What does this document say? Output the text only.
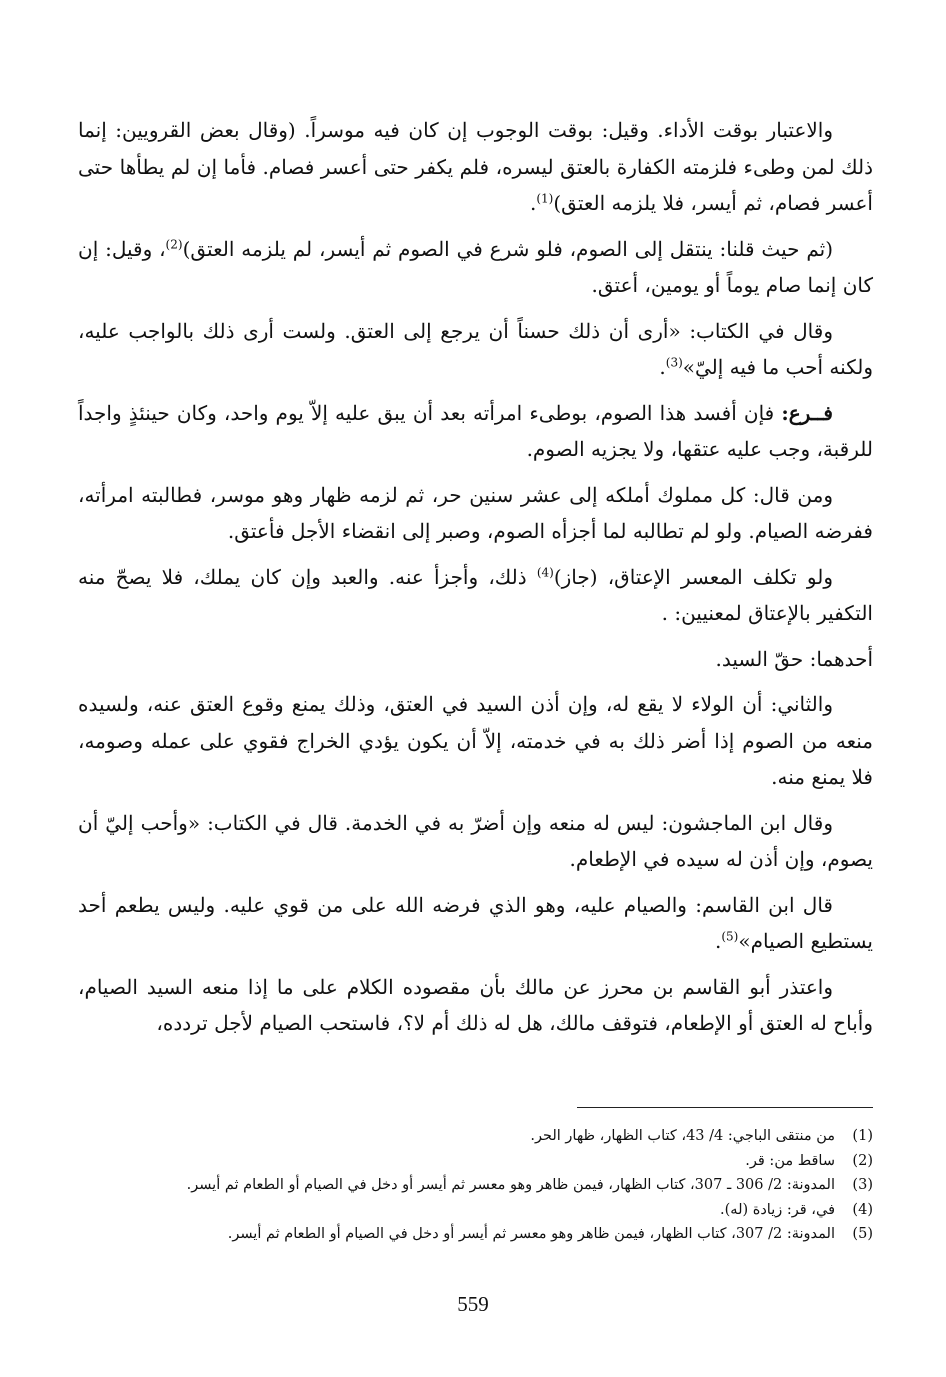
والاعتبار بوقت الأداء. وقيل: بوقت الوجوب إن كان فيه موسراً. (وقال بعض القرويين: إنما ذلك لمن وطىء فلزمته الكفارة بالعتق ليسره، فلم يكفر حتى أعسر فصام. فأما إن لم يطأها حتى أعسر فصام، ثم أيسر، فلا يلزمه العتق)$^{(1)}$.

(ثم حيث قلنا: ينتقل إلى الصوم، فلو شرع في الصوم ثم أيسر، لم يلزمه العتق)$^{(2)}$، وقيل: إن كان إنما صام يوماً أو يومين، أعتق.

وقال في الكتاب: «أرى أن ذلك حسناً أن يرجع إلى العتق. ولست أرى ذلك بالواجب عليه، ولكنه أحب ما فيه إليّ»$^{(3)}$.

فــرع: فإن أفسد هذا الصوم، بوطىء امرأته بعد أن يبق عليه إلاّ يوم واحد، وكان حينئذٍ واجداً للرقبة، وجب عليه عتقها، ولا يجزيه الصوم.

ومن قال: كل مملوك أملكه إلى عشر سنين حر، ثم لزمه ظهار وهو موسر، فطالبته امرأته، ففرضه الصيام. ولو لم تطالبه لما أجزأه الصوم، وصبر إلى انقضاء الأجل فأعتق.

ولو تكلف المعسر الإعتاق، (جاز)$^{(4)}$ ذلك، وأجزأ عنه. والعبد وإن كان يملك، فلا يصحّ منه التكفير بالإعتاق لمعنيين: .

أحدهما: حقّ السيد.

والثاني: أن الولاء لا يقع له، وإن أذن السيد في العتق، وذلك يمنع وقوع العتق عنه، ولسيده منعه من الصوم إذا أضر ذلك به في خدمته، إلاّ أن يكون يؤدي الخراج فقوي على عمله وصومه، فلا يمنع منه.

وقال ابن الماجشون: ليس له منعه وإن أضرّ به في الخدمة. قال في الكتاب: «وأحب إليّ أن يصوم، وإن أذن له سيده في الإطعام.

قال ابن القاسم: والصيام عليه، وهو الذي فرضه الله على من قوي عليه. وليس يطعم أحد يستطيع الصيام»$^{(5)}$.

واعتذر أبو القاسم بن محرز عن مالك بأن مقصوده الكلام على ما إذا منعه السيد الصيام، وأباح له العتق أو الإطعام، فتوقف مالك، هل له ذلك أم لا؟، فاستحب الصيام لأجل تردده،

(1)من منتقى الباجي: 4/ 43، كتاب الظهار، ظهار الحر.
(2)ساقط من: قر.
(3)المدونة: 2/ 306 ـ 307، كتاب الظهار، فيمن ظاهر وهو معسر ثم أيسر أو دخل في الصيام أو الطعام ثم أيسر.
(4)في، قر: زيادة (له).
(5)المدونة: 2/ 307، كتاب الظهار، فيمن ظاهر وهو معسر ثم أيسر أو دخل في الصيام أو الطعام ثم أيسر.
559
